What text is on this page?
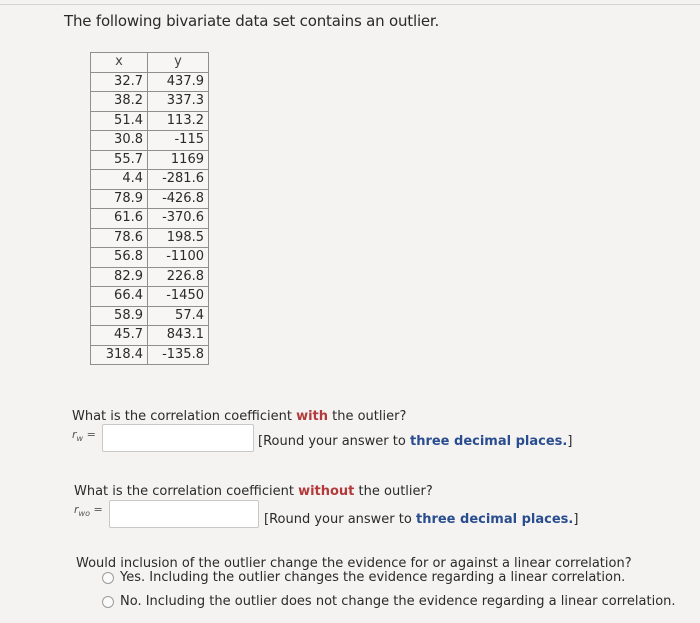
The following bivariate data set contains an outlier.
x	y
32.7	437.9
38.2	337.3
51.4	113.2
30.8	-115
55.7	1169
4.4	-281.6
78.9	-426.8
61.6	-370.6
78.6	198.5
56.8	-1100
82.9	226.8
66.4	-1450
58.9	57.4
45.7	843.1
318.4	-135.8
What is the correlation coefficient with the outlier?
$r_w$ =	[Round your answer to three decimal places.]
What is the correlation coefficient without the outlier?
$r_{wo}$ =
[Round your answer to three decimal places.]
Would inclusion of the outlier change the evidence for or against a linear correlation?
Yes. Including the outlier changes the evidence regarding a linear correlation.
No. Including the outlier does not change the evidence regarding a linear correlation.
